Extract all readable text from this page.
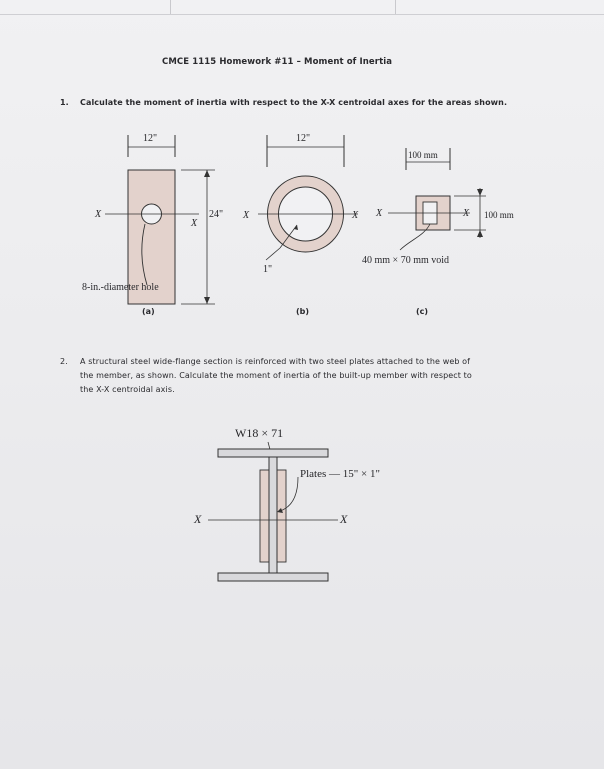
CMCE 1115 Homework #11 – Moment of Inertia
1. Calculate the moment of inertia with respect to the X-X centroidal axes for the areas shown.
12"
X
X
24"
8-in.-diameter hole
(a)
12"
X	X
1"
(b)
100 mm
X	X 100 mm
40 mm × 70 mm void
(c)
2. A structural steel wide-flange section is reinforced with two steel plates attached to the web of
the member, as shown. Calculate the moment of inertia of the built-up member with respect to
the X-X centroidal axis.
W18 × 71
X	X
Plates — 15" × 1"
